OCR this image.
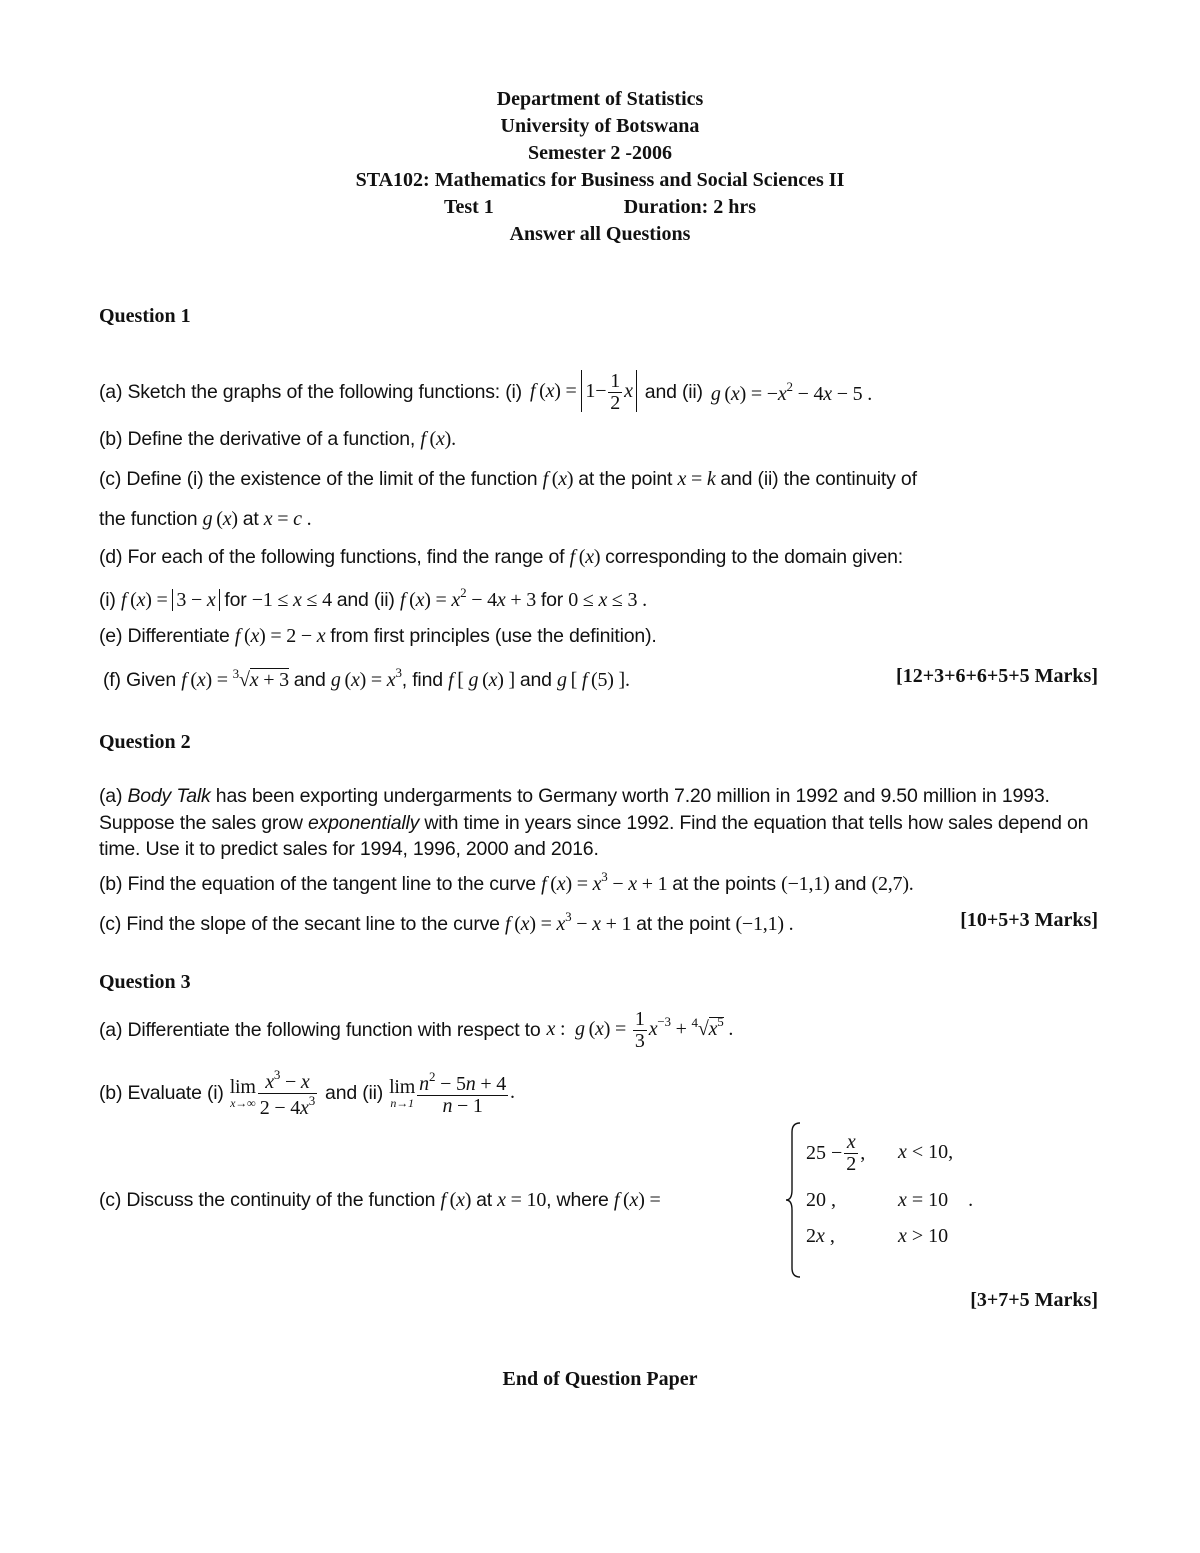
Department of Statistics
University of Botswana
Semester 2 -2006
STA102: Mathematics for Business and Social Sciences II
Test 1	Duration: 2 hrs
Answer all Questions
Question 1
(a) Sketch the graphs of the following functions: (i) f $(x) = 1- \frac{1}{2}$ x and (ii) g $(x) = -x^2 - 4x - 5$ .
(b) Define the derivative of a function, f (x).
(c) Define (i) the existence of the limit of the function f (x) at the point x = k and (ii) the continuity of
the function g (x) at x = c .
(d) For each of the following functions, find the range of f (x) corresponding to the domain given:
(i) f (x) = 3 − x for −1 ≤ x ≤ 4 and (ii) f $(x) = x^2 - 4x + 3$ for 0 ≤ x ≤ 3 .
(e) Differentiate f (x) = 2 − x from first principles (use the definition).
(f) Given f (x) = $^3$√x + 3 and g $(x) = x^3$, find f [ g (x) ] and g [ f (5) ].	[12+3+6+6+5+5 Marks]
Question 2
(a) Body Talk has been exporting undergarments to Germany worth 7.20 million in 1992 and 9.50 million in 1993. Suppose the sales grow exponentially with time in years since 1992. Find the equation that tells how sales depend on time. Use it to predict sales for 1994, 1996, 2000 and 2016.
(b) Find the equation of the tangent line to the curve f $(x) = x^3 - x + 1$ at the points (−1,1) and (2,7).
(c) Find the slope of the secant line to the curve f $(x) = x^3 - x + 1$ at the point (−1,1) .	[10+5+3 Marks]
Question 3
(a) Differentiate the following function with respect to x :  g $(x) = \frac{1}{3} x^{-3} + ^4√x^5$ .
(b) Evaluate (i) lim
$x\to\infty \frac{x^3 - x}{2 - 4x^3}$ and (ii) lim
$n\to 1 \frac{n^2 - 5n + 4}{n - 1}$ .
(c) Discuss the continuity of the function f (x) at x = 10, where f (x) =
$25 - \frac{x}{2}$ , x < 10,
20 ,	x = 10    .
2x ,	x > 10
[3+7+5 Marks]
End of Question Paper
